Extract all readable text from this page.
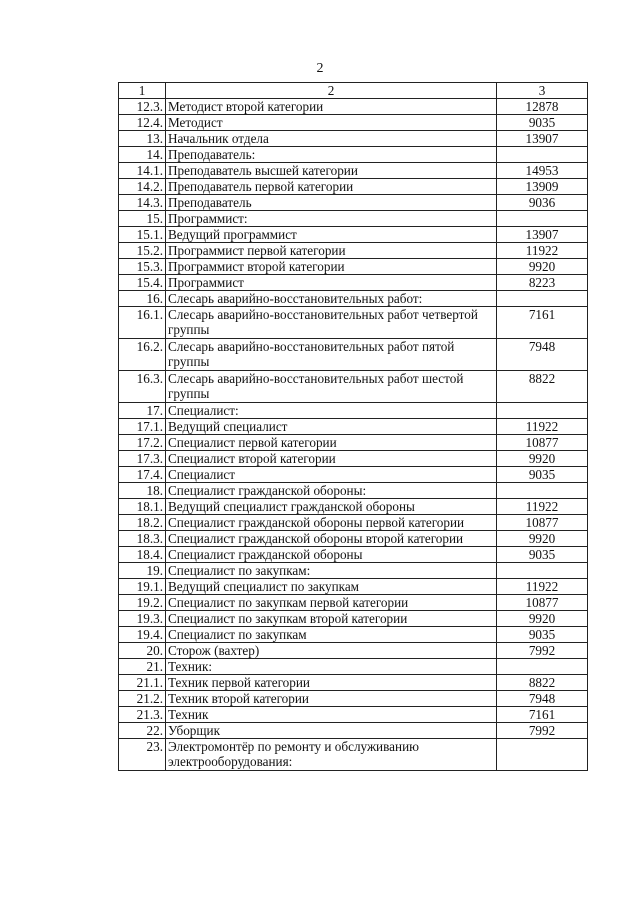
2
1	2	3
12.3.	Методист второй категории	12878
12.4.	Методист	9035
13.	Начальник отдела	13907
14.	Преподаватель:	
14.1.	Преподаватель высшей категории	14953
14.2.	Преподаватель первой категории	13909
14.3.	Преподаватель	9036
15.	Программист:	
15.1.	Ведущий программист	13907
15.2.	Программист первой категории	11922
15.3.	Программист второй категории	9920
15.4.	Программист	8223
16.	Слесарь аварийно-восстановительных работ:	
16.1.	Слесарь аварийно-восстановительных работ четвертой группы	7161
16.2.	Слесарь аварийно-восстановительных работ пятой группы	7948
16.3.	Слесарь аварийно-восстановительных работ шестой группы	8822
17.	Специалист:	
17.1.	Ведущий специалист	11922
17.2.	Специалист первой категории	10877
17.3.	Специалист второй категории	9920
17.4.	Специалист	9035
18.	Специалист гражданской обороны:	
18.1.	Ведущий специалист гражданской обороны	11922
18.2.	Специалист гражданской обороны первой категории	10877
18.3.	Специалист гражданской обороны второй категории	9920
18.4.	Специалист гражданской обороны	9035
19.	Специалист по закупкам:	
19.1.	Ведущий специалист по закупкам	11922
19.2.	Специалист по закупкам первой категории	10877
19.3.	Специалист по закупкам второй категории	9920
19.4.	Специалист по закупкам	9035
20.	Сторож (вахтер)	7992
21.	Техник:	
21.1.	Техник первой категории	8822
21.2.	Техник второй категории	7948
21.3.	Техник	7161
22.	Уборщик	7992
23.	Электромонтёр по ремонту и обслуживанию электрооборудования:	
